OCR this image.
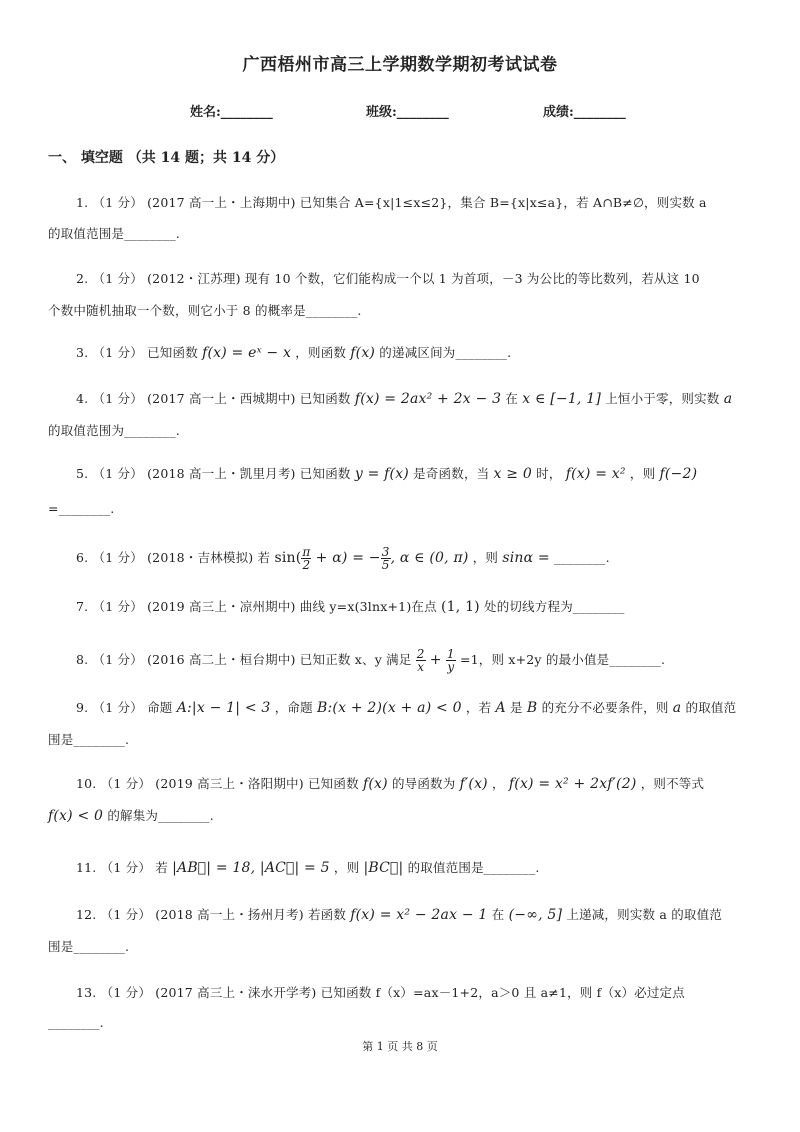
广西梧州市高三上学期数学期初考试试卷
姓名:________	班级:________	成绩:________
一、 填空题 （共 14 题；共 14 分）
1. （1 分） (2017 高一上・上海期中) 已知集合 A={x|1≤x≤2}，集合 B={x|x≤a}，若 A∩B≠∅，则实数 a
的取值范围是________.
2. （1 分） (2012・江苏理) 现有 10 个数，它们能构成一个以 1 为首项，－3 为公比的等比数列，若从这 10
个数中随机抽取一个数，则它小于 8 的概率是________.
3. （1 分） 已知函数 f(x) = eˣ − x ，则函数 f(x) 的递减区间为________.
4. （1 分） (2017 高一上・西城期中) 已知函数 f(x) = 2ax² + 2x − 3 在 x ∈ [−1, 1] 上恒小于零，则实数 a
的取值范围为________.
5. （1 分） (2018 高一上・凯里月考) 已知函数 y = f(x) 是奇函数，当 x ≥ 0 时， f(x) = x² ，则 f(−2)
=________.
6. （1 分） (2018・吉林模拟) 若 $\sin( \frac{\pi}{2} + \alpha)$ = − $\frac{3}{5}$ , α ∈ (0, π) ，则 sinα = ________.
7. （1 分） (2019 高三上・凉州期中) 曲线 y=x(3lnx+1)在点 (1, 1) 处的切线方程为________
8. （1 分） (2016 高二上・桓台期中) 已知正数 x、y 满足 $\frac{2}{x} + \frac{1}{y} =1$，则 x+2y 的最小值是________.
9. （1 分） 命题 A:|x − 1| < 3 ，命题 B:(x + 2)(x + a) < 0 ，若 A 是 B 的充分不必要条件，则 a 的取值范
围是________.
10. （1 分） (2019 高三上・洛阳期中) 已知函数 f(x) 的导函数为 f′(x) ， f(x) = x² + 2xf′(2) ，则不等式
f(x) < 0 的解集为________.
11. （1 分） 若 |AB⃗| = 18, |AC⃗| = 5 ，则 |BC⃗| 的取值范围是________.
12. （1 分） (2018 高一上・扬州月考) 若函数 f(x) = x² − 2ax − 1 在 (−∞, 5] 上递减，则实数 a 的取值范
围是________.
13. （1 分） (2017 高三上・涞水开学考) 已知函数 f（x）=ax－1+2，a＞0 且 a≠1，则 f（x）必过定点
________.
第 1 页 共 8 页
